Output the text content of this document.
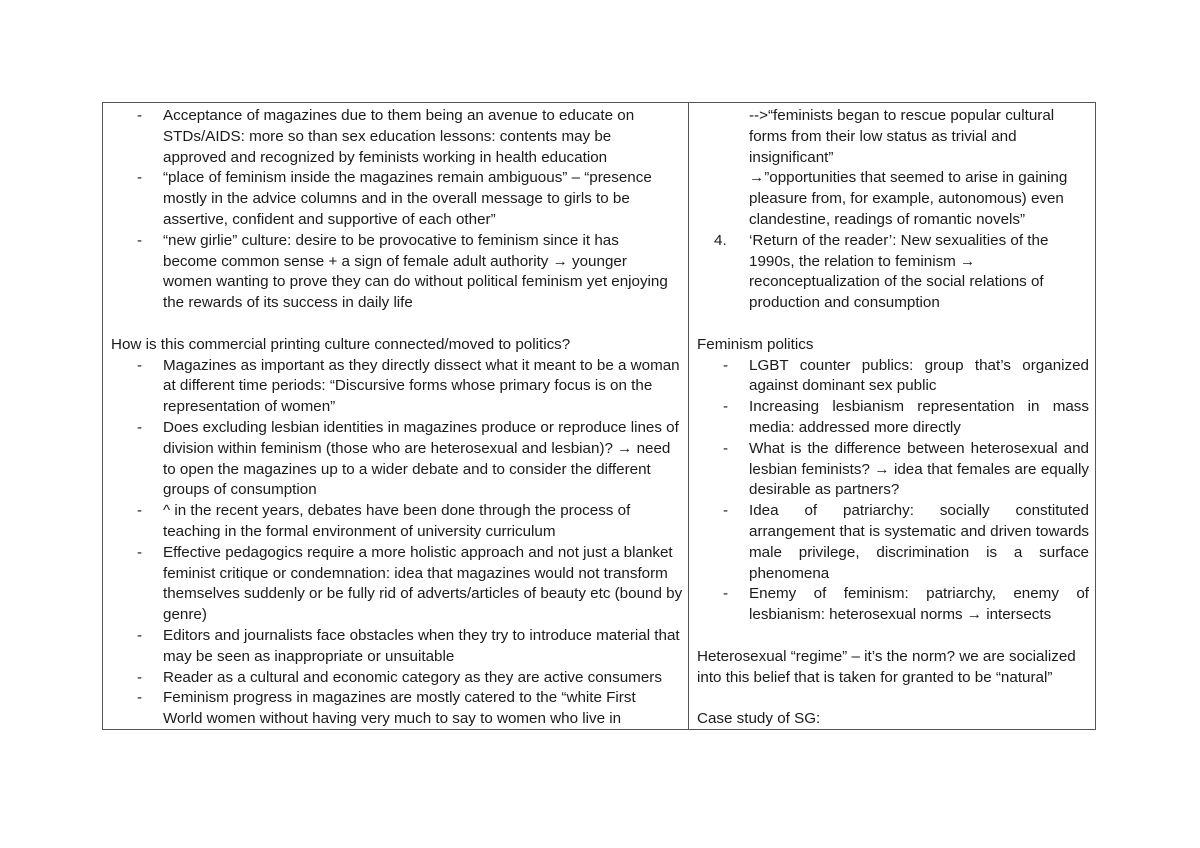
- Acceptance of magazines due to them being an avenue to educate on STDs/AIDS: more so than sex education lessons: contents may be approved and recognized by feminists working in health education
- “place of feminism inside the magazines remain ambiguous” – “presence mostly in the advice columns and in the overall message to girls to be assertive, confident and supportive of each other”
- “new girlie” culture: desire to be provocative to feminism since it has become common sense + a sign of female adult authority → younger women wanting to prove they can do without political feminism yet enjoying the rewards of its success in daily life
How is this commercial printing culture connected/moved to politics?
- Magazines as important as they directly dissect what it meant to be a woman at different time periods: “Discursive forms whose primary focus is on the representation of women”
- Does excluding lesbian identities in magazines produce or reproduce lines of division within feminism (those who are heterosexual and lesbian)? → need to open the magazines up to a wider debate and to consider the different groups of consumption
- ^ in the recent years, debates have been done through the process of teaching in the formal environment of university curriculum
- Effective pedagogics require a more holistic approach and not just a blanket feminist critique or condemnation: idea that magazines would not transform themselves suddenly or be fully rid of adverts/articles of beauty etc (bound by genre)
- Editors and journalists face obstacles when they try to introduce material that may be seen as inappropriate or unsuitable
- Reader as a cultural and economic category as they are active consumers
- Feminism progress in magazines are mostly catered to the “white First World women without having very much to say to women who live in
-->“feminists began to rescue popular cultural forms from their low status as trivial and insignificant”
→”opportunities that seemed to arise in gaining pleasure from, for example, autonomous) even clandestine, readings of romantic novels”
4. ‘Return of the reader’: New sexualities of the 1990s, the relation to feminism → reconceptualization of the social relations of production and consumption
Feminism politics
- LGBT counter publics: group that’s organized against dominant sex public
- Increasing lesbianism representation in mass media: addressed more directly
- What is the difference between heterosexual and lesbian feminists? → idea that females are equally desirable as partners?
- Idea of patriarchy: socially constituted arrangement that is systematic and driven towards male privilege, discrimination is a surface phenomena
- Enemy of feminism: patriarchy, enemy of lesbianism: heterosexual norms → intersects
Heterosexual “regime” – it’s the norm? we are socialized into this belief that is taken for granted to be “natural”
Case study of SG:
